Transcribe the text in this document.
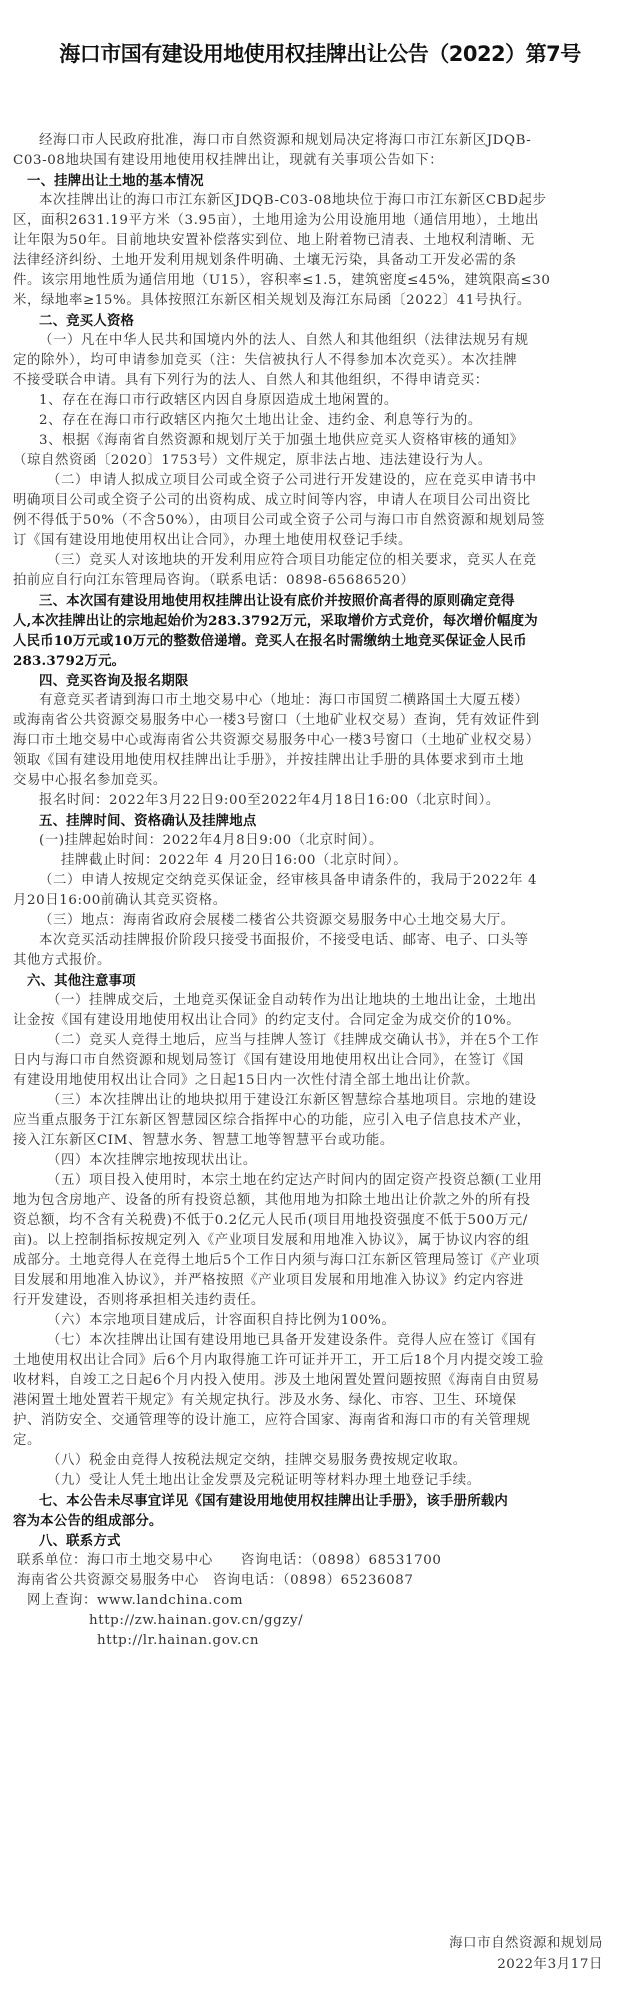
海口市国有建设用地使用权挂牌出让公告（2022）第7号
经海口市人民政府批准，海口市自然资源和规划局决定将海口市江东新区JDQB-
C03-08地块国有建设用地使用权挂牌出让，现就有关事项公告如下：
一、挂牌出让土地的基本情况
本次挂牌出让的海口市江东新区JDQB-C03-08地块位于海口市江东新区CBD起步
区，面积2631.19平方米（3.95亩），土地用途为公用设施用地（通信用地），土地出
让年限为50年。目前地块安置补偿落实到位、地上附着物已清表、土地权利清晰、无
法律经济纠纷、土地开发利用规划条件明确、土壤无污染，具备动工开发必需的条
件。该宗用地性质为通信用地（U15），容积率≤1.5，建筑密度≤45%，建筑限高≤30
米，绿地率≥15%。具体按照江东新区相关规划及海江东局函〔2022〕41号执行。
二、竞买人资格
（一）凡在中华人民共和国境内外的法人、自然人和其他组织（法律法规另有规
定的除外），均可申请参加竞买（注：失信被执行人不得参加本次竞买）。本次挂牌
不接受联合申请。具有下列行为的法人、自然人和其他组织，不得申请竞买：
1、存在在海口市行政辖区内因自身原因造成土地闲置的。
2、存在在海口市行政辖区内拖欠土地出让金、违约金、利息等行为的。
3、根据《海南省自然资源和规划厅关于加强土地供应竞买人资格审核的通知》
（琼自然资函〔2020〕1753号）文件规定，原非法占地、违法建设行为人。
（二）申请人拟成立项目公司或全资子公司进行开发建设的，应在竞买申请书中
明确项目公司或全资子公司的出资构成、成立时间等内容，申请人在项目公司出资比
例不得低于50%（不含50%），由项目公司或全资子公司与海口市自然资源和规划局签
订《国有建设用地使用权出让合同》，办理土地使用权登记手续。
（三）竞买人对该地块的开发利用应符合项目功能定位的相关要求，竞买人在竞
拍前应自行向江东管理局咨询。（联系电话：0898-65686520）
三、本次国有建设用地使用权挂牌出让设有底价并按照价高者得的原则确定竞得
人,本次挂牌出让的宗地起始价为283.3792万元，采取增价方式竞价，每次增价幅度为
人民币10万元或10万元的整数倍递增。竞买人在报名时需缴纳土地竞买保证金人民币
283.3792万元。
四、竞买咨询及报名期限
有意竞买者请到海口市土地交易中心（地址：海口市国贸二横路国土大厦五楼）
或海南省公共资源交易服务中心一楼3号窗口（土地矿业权交易）查询，凭有效证件到
海口市土地交易中心或海南省公共资源交易服务中心一楼3号窗口（土地矿业权交易）
领取《国有建设用地使用权挂牌出让手册》，并按挂牌出让手册的具体要求到市土地
交易中心报名参加竞买。
报名时间：2022年3月22日9:00至2022年4月18日16:00（北京时间）。
五、挂牌时间、资格确认及挂牌地点
(一)挂牌起始时间：2022年4月8日9:00（北京时间）。
挂牌截止时间：2022年 4 月20日16:00（北京时间）。
（二）申请人按规定交纳竞买保证金，经审核具备申请条件的，我局于2022年 4
月20日16:00前确认其竞买资格。
（三）地点：海南省政府会展楼二楼省公共资源交易服务中心土地交易大厅。
本次竞买活动挂牌报价阶段只接受书面报价，不接受电话、邮寄、电子、口头等
其他方式报价。
六、其他注意事项
（一）挂牌成交后，土地竞买保证金自动转作为出让地块的土地出让金，土地出
让金按《国有建设用地使用权出让合同》的约定支付。合同定金为成交价的10%。
（二）竞买人竞得土地后，应当与挂牌人签订《挂牌成交确认书》，并在5个工作
日内与海口市自然资源和规划局签订《国有建设用地使用权出让合同》，在签订《国
有建设用地使用权出让合同》之日起15日内一次性付清全部土地出让价款。
（三）本次挂牌出让的地块拟用于建设江东新区智慧综合基地项目。宗地的建设
应当重点服务于江东新区智慧园区综合指挥中心的功能，应引入电子信息技术产业，
接入江东新区CIM、智慧水务、智慧工地等智慧平台或功能。
（四）本次挂牌宗地按现状出让。
（五）项目投入使用时，本宗土地在约定达产时间内的固定资产投资总额(工业用
地为包含房地产、设备的所有投资总额，其他用地为扣除土地出让价款之外的所有投
资总额，均不含有关税费)不低于0.2亿元人民币(项目用地投资强度不低于500万元/
亩)。以上控制指标按规定列入《产业项目发展和用地准入协议》，属于协议内容的组
成部分。土地竞得人在竞得土地后5个工作日内须与海口江东新区管理局签订《产业项
目发展和用地准入协议》，并严格按照《产业项目发展和用地准入协议》约定内容进
行开发建设，否则将承担相关违约责任。
（六）本宗地项目建成后，计容面积自持比例为100%。
（七）本次挂牌出让国有建设用地已具备开发建设条件。竞得人应在签订《国有
土地使用权出让合同》后6个月内取得施工许可证并开工，开工后18个月内提交竣工验
收材料，自竣工之日起6个月内投入使用。涉及土地闲置处置问题按照《海南自由贸易
港闲置土地处置若干规定》有关规定执行。涉及水务、绿化、市容、卫生、环境保
护、消防安全、交通管理等的设计施工，应符合国家、海南省和海口市的有关管理规
定。
（八）税金由竞得人按税法规定交纳，挂牌交易服务费按规定收取。
（九）受让人凭土地出让金发票及完税证明等材料办理土地登记手续。
七、本公告未尽事宜详见《国有建设用地使用权挂牌出让手册》，该手册所载内
容为本公告的组成部分。
八、联系方式
联系单位：海口市土地交易中心　　咨询电话：（0898）68531700
海南省公共资源交易服务中心　咨询电话：（0898）65236087
网上查询：www.landchina.com
http://zw.hainan.gov.cn/ggzy/
http://lr.hainan.gov.cn
海口市自然资源和规划局
2022年3月17日
